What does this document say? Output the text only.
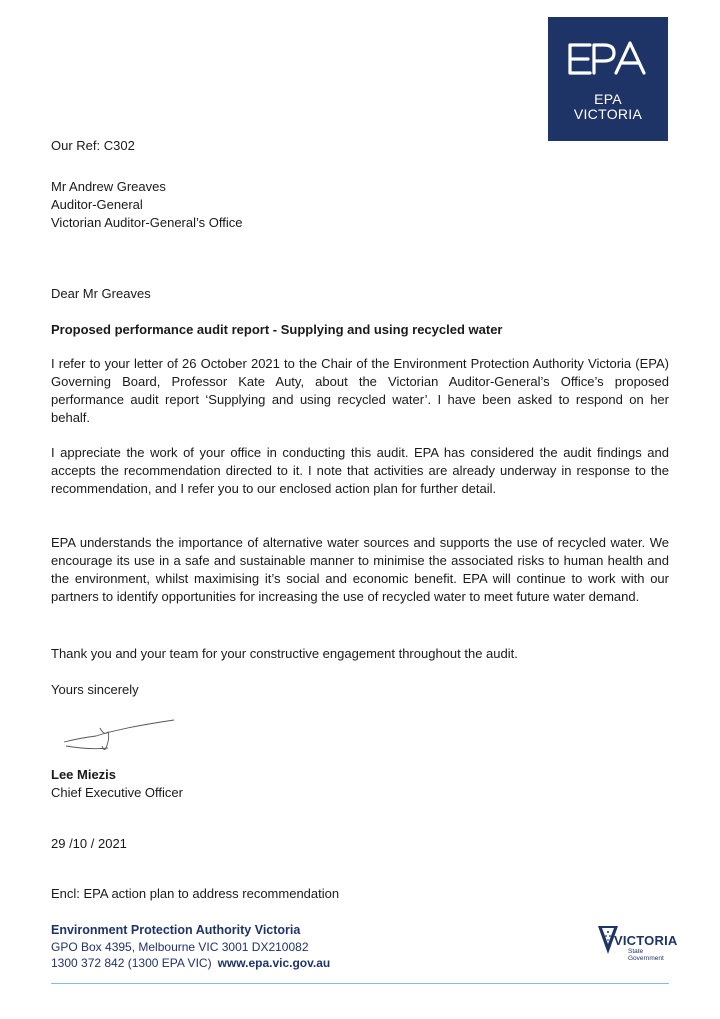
EPA
VICTORIA
Our Ref: C302
Mr Andrew Greaves
Auditor-General
Victorian Auditor-General’s Office
Dear Mr Greaves
Proposed performance audit report - Supplying and using recycled water
I refer to your letter of 26 October 2021 to the Chair of the Environment Protection Authority Victoria (EPA) Governing Board, Professor Kate Auty, about the Victorian Auditor-General’s Office’s proposed performance audit report ‘Supplying and using recycled water’. I have been asked to respond on her behalf.
I appreciate the work of your office in conducting this audit. EPA has considered the audit findings and accepts the recommendation directed to it. I note that activities are already underway in response to the recommendation, and I refer you to our enclosed action plan for further detail.
EPA understands the importance of alternative water sources and supports the use of recycled water. We encourage its use in a safe and sustainable manner to minimise the associated risks to human health and the environment, whilst maximising it’s social and economic benefit. EPA will continue to work with our partners to identify opportunities for increasing the use of recycled water to meet future water demand.
Thank you and your team for your constructive engagement throughout the audit.
Yours sincerely
Lee Miezis
Chief Executive Officer
29 /10 / 2021
Encl: EPA action plan to address recommendation
Environment Protection Authority Victoria
GPO Box 4395, Melbourne VIC 3001 DX210082
1300 372 842 (1300 EPA VIC) www.epa.vic.gov.au
VICTORIA
State
Government
